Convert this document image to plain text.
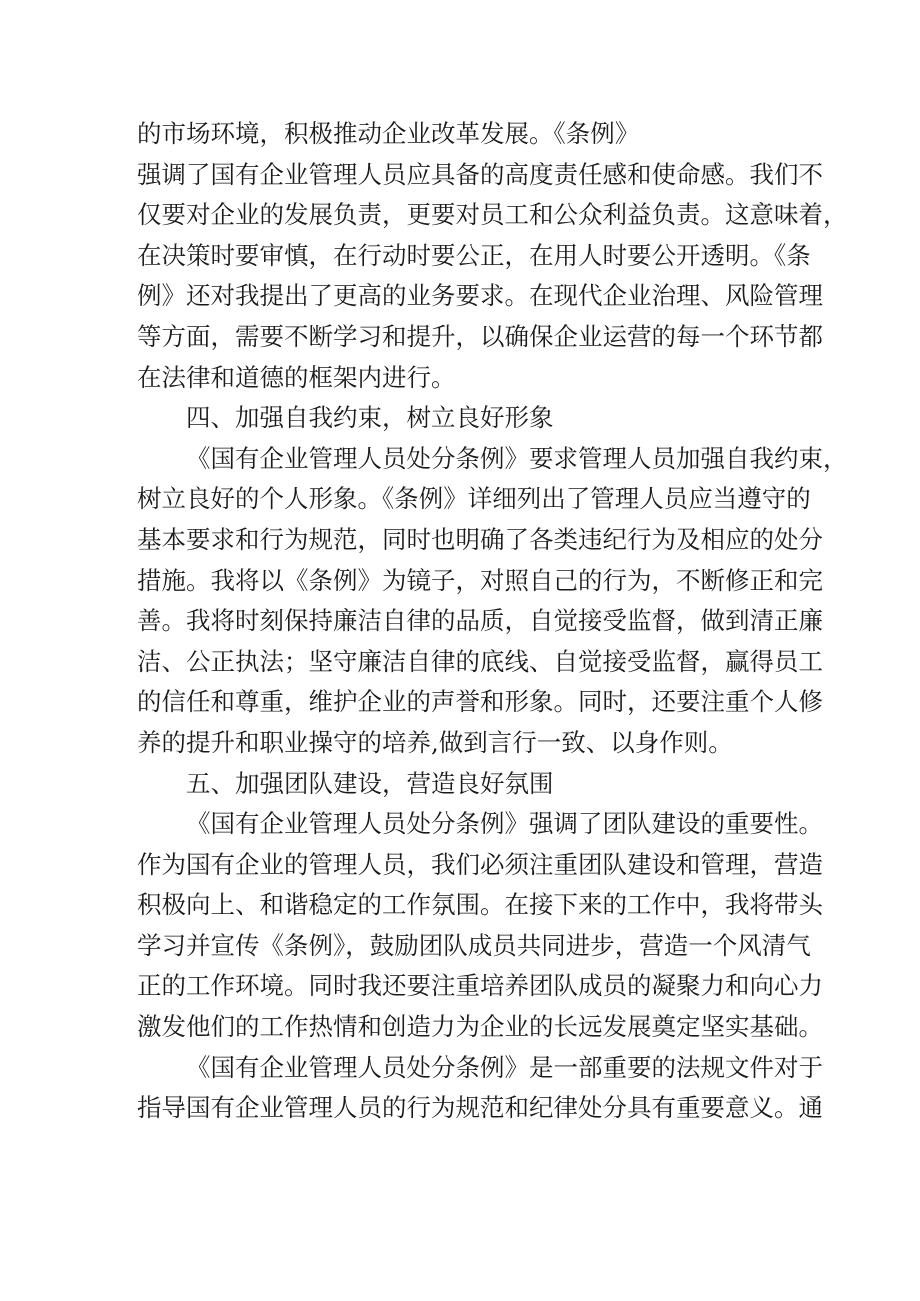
的市场环境，积极推动企业改革发展。《条例》
强调了国有企业管理人员应具备的高度责任感和使命感。我们不
仅要对企业的发展负责，更要对员工和公众利益负责。这意味着，
在决策时要审慎，在行动时要公正，在用人时要公开透明。《条
例》还对我提出了更高的业务要求。在现代企业治理、风险管理
等方面，需要不断学习和提升，以确保企业运营的每一个环节都
在法律和道德的框架内进行。
四、加强自我约束，树立良好形象
《国有企业管理人员处分条例》要求管理人员加强自我约束，
树立良好的个人形象。《条例》详细列出了管理人员应当遵守的
基本要求和行为规范，同时也明确了各类违纪行为及相应的处分
措施。我将以《条例》为镜子，对照自己的行为，不断修正和完
善。我将时刻保持廉洁自律的品质，自觉接受监督，做到清正廉
洁、公正执法；坚守廉洁自律的底线、自觉接受监督，赢得员工
的信任和尊重，维护企业的声誉和形象。同时，还要注重个人修
养的提升和职业操守的培养,做到言行一致、以身作则。
五、加强团队建设，营造良好氛围
《国有企业管理人员处分条例》强调了团队建设的重要性。
作为国有企业的管理人员，我们必须注重团队建设和管理，营造
积极向上、和谐稳定的工作氛围。在接下来的工作中，我将带头
学习并宣传《条例》，鼓励团队成员共同进步，营造一个风清气
正的工作环境。同时我还要注重培养团队成员的凝聚力和向心力
激发他们的工作热情和创造力为企业的长远发展奠定坚实基础。
《国有企业管理人员处分条例》是一部重要的法规文件对于
指导国有企业管理人员的行为规范和纪律处分具有重要意义。通
